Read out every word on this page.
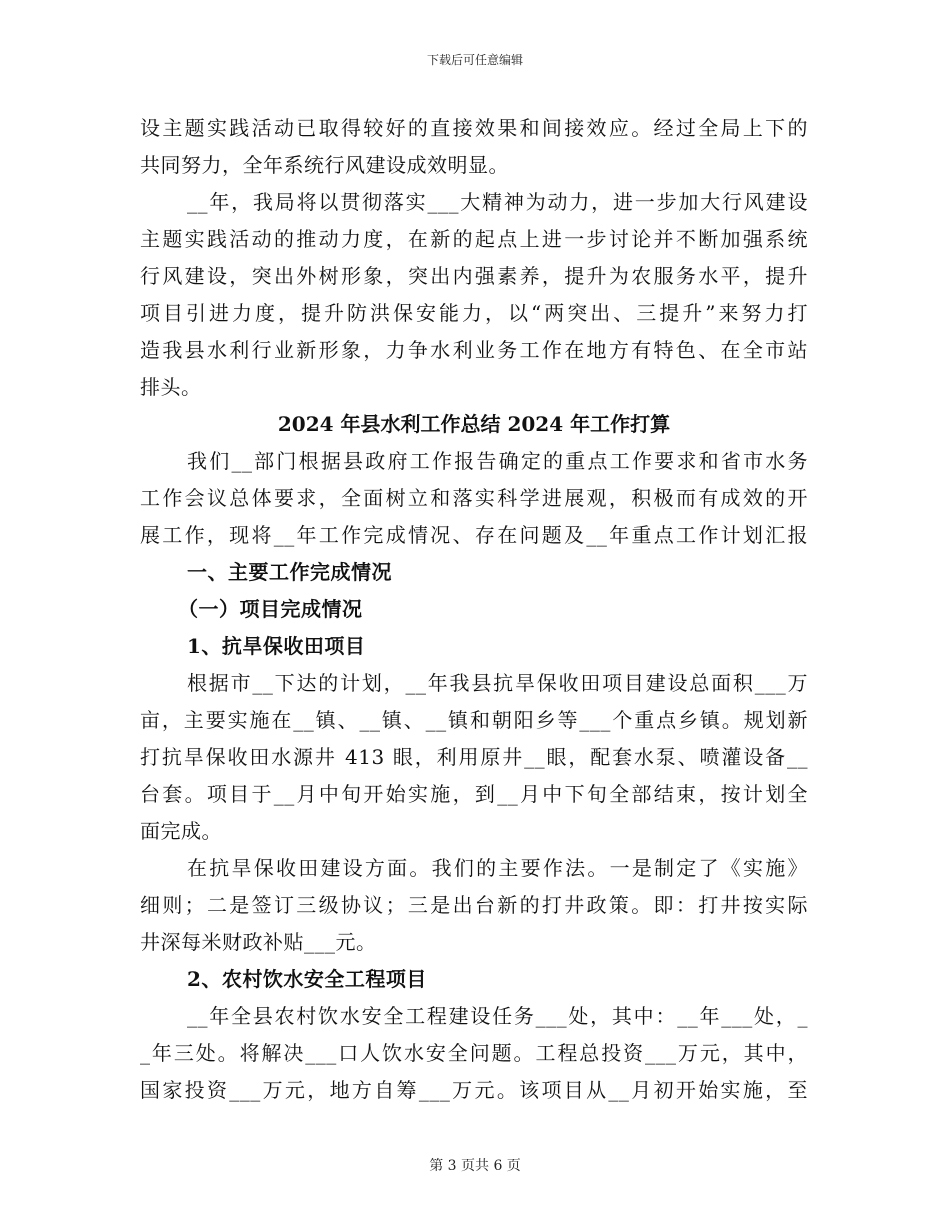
下载后可任意编辑
设主题实践活动已取得较好的直接效果和间接效应。经过全局上下的
共同努力，全年系统行风建设成效明显。
__年，我局将以贯彻落实___大精神为动力，进一步加大行风建设
主题实践活动的推动力度，在新的起点上进一步讨论并不断加强系统
行风建设，突出外树形象，突出内强素养，提升为农服务水平，提升
项目引进力度，提升防洪保安能力，以“两突出、三提升”来努力打
造我县水利行业新形象，力争水利业务工作在地方有特色、在全市站
排头。
2024 年县水利工作总结 2024 年工作打算
我们__部门根据县政府工作报告确定的重点工作要求和省市水务
工作会议总体要求，全面树立和落实科学进展观，积极而有成效的开
展工作，现将__年工作完成情况、存在问题及__年重点工作计划汇报
一、主要工作完成情况
（一）项目完成情况
1、抗旱保收田项目
根据市__下达的计划，__年我县抗旱保收田项目建设总面积___万
亩，主要实施在__镇、__镇、__镇和朝阳乡等___个重点乡镇。规划新
打抗旱保收田水源井 413 眼，利用原井__眼，配套水泵、喷灌设备__
台套。项目于__月中旬开始实施，到__月中下旬全部结束，按计划全
面完成。
在抗旱保收田建设方面。我们的主要作法。一是制定了《实施》
细则；二是签订三级协议；三是出台新的打井政策。即：打井按实际
井深每米财政补贴___元。
2、农村饮水安全工程项目
__年全县农村饮水安全工程建设任务___处，其中：__年___处，_
_年三处。将解决___口人饮水安全问题。工程总投资___万元，其中，
国家投资___万元，地方自筹___万元。该项目从__月初开始实施，至
第 3 页共 6 页
